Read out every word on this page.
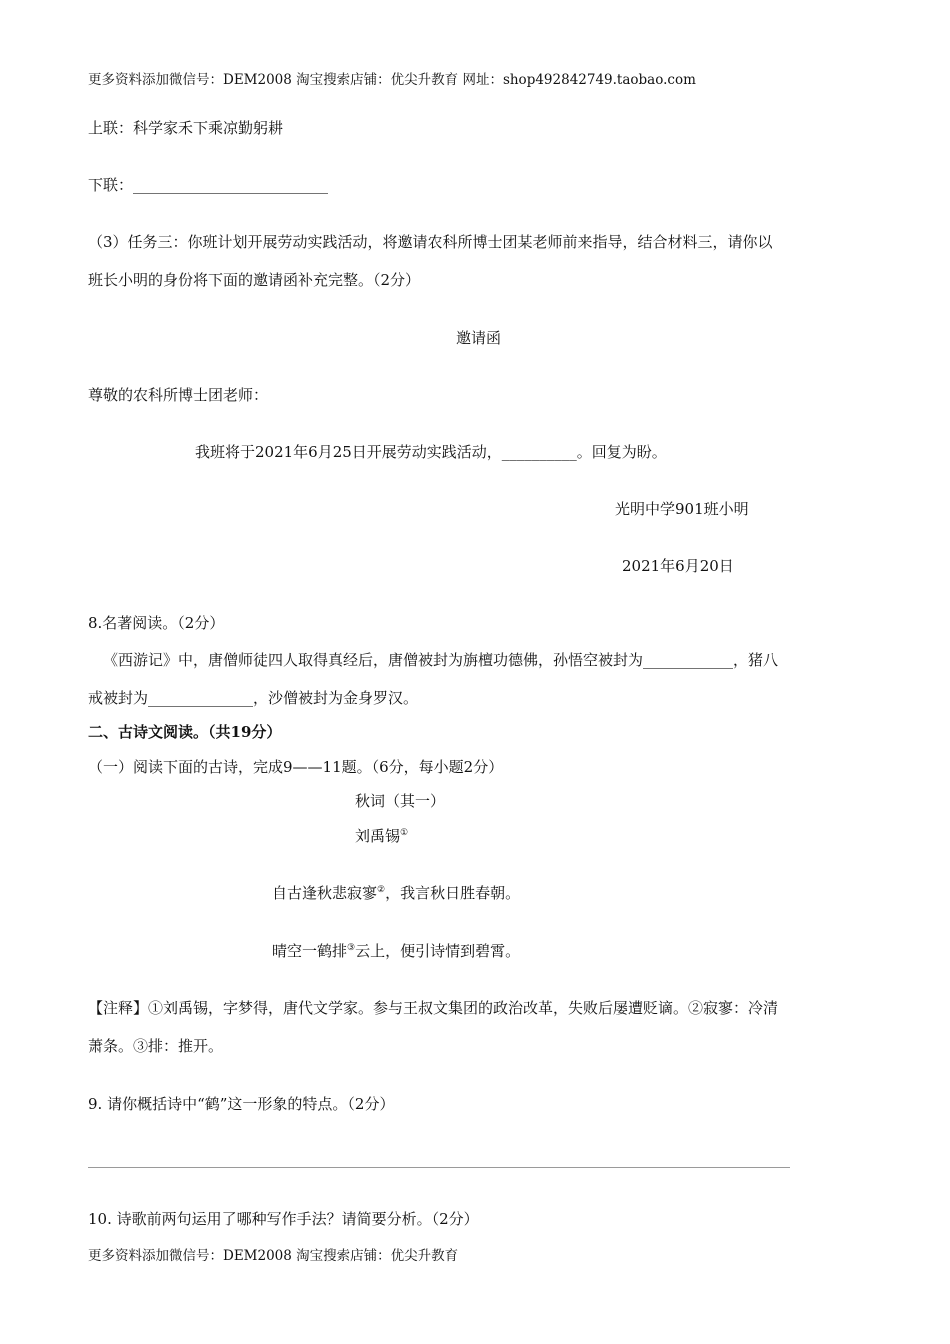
更多资料添加微信号：DEM2008 淘宝搜索店铺：优尖升教育 网址：shop492842749.taobao.com
上联：科学家禾下乘凉勤躬耕
下联：__________________________
（3）任务三：你班计划开展劳动实践活动，将邀请农科所博士团某老师前来指导，结合材料三，请你以
班长小明的身份将下面的邀请函补充完整。（2分）
邀请函
尊敬的农科所博士团老师：
我班将于2021年6月25日开展劳动实践活动，__________。回复为盼。
光明中学901班小明
2021年6月20日
8.名著阅读。（2分）
《西游记》中，唐僧师徒四人取得真经后，唐僧被封为旃檀功德佛，孙悟空被封为____________，猪八
戒被封为______________，沙僧被封为金身罗汉。
二、古诗文阅读。（共19分）
（一）阅读下面的古诗，完成9——11题。（6分，每小题2分）
秋词（其一）
刘禹锡①
自古逢秋悲寂寥②，我言秋日胜春朝。
晴空一鹤排③云上，便引诗情到碧霄。
【注释】①刘禹锡，字梦得，唐代文学家。参与王叔文集团的政治改革，失败后屡遭贬谪。②寂寥：冷清
萧条。③排：推开。
9. 请你概括诗中“鹤”这一形象的特点。（2分）
10. 诗歌前两句运用了哪种写作手法？请简要分析。（2分）
更多资料添加微信号：DEM2008 淘宝搜索店铺：优尖升教育
